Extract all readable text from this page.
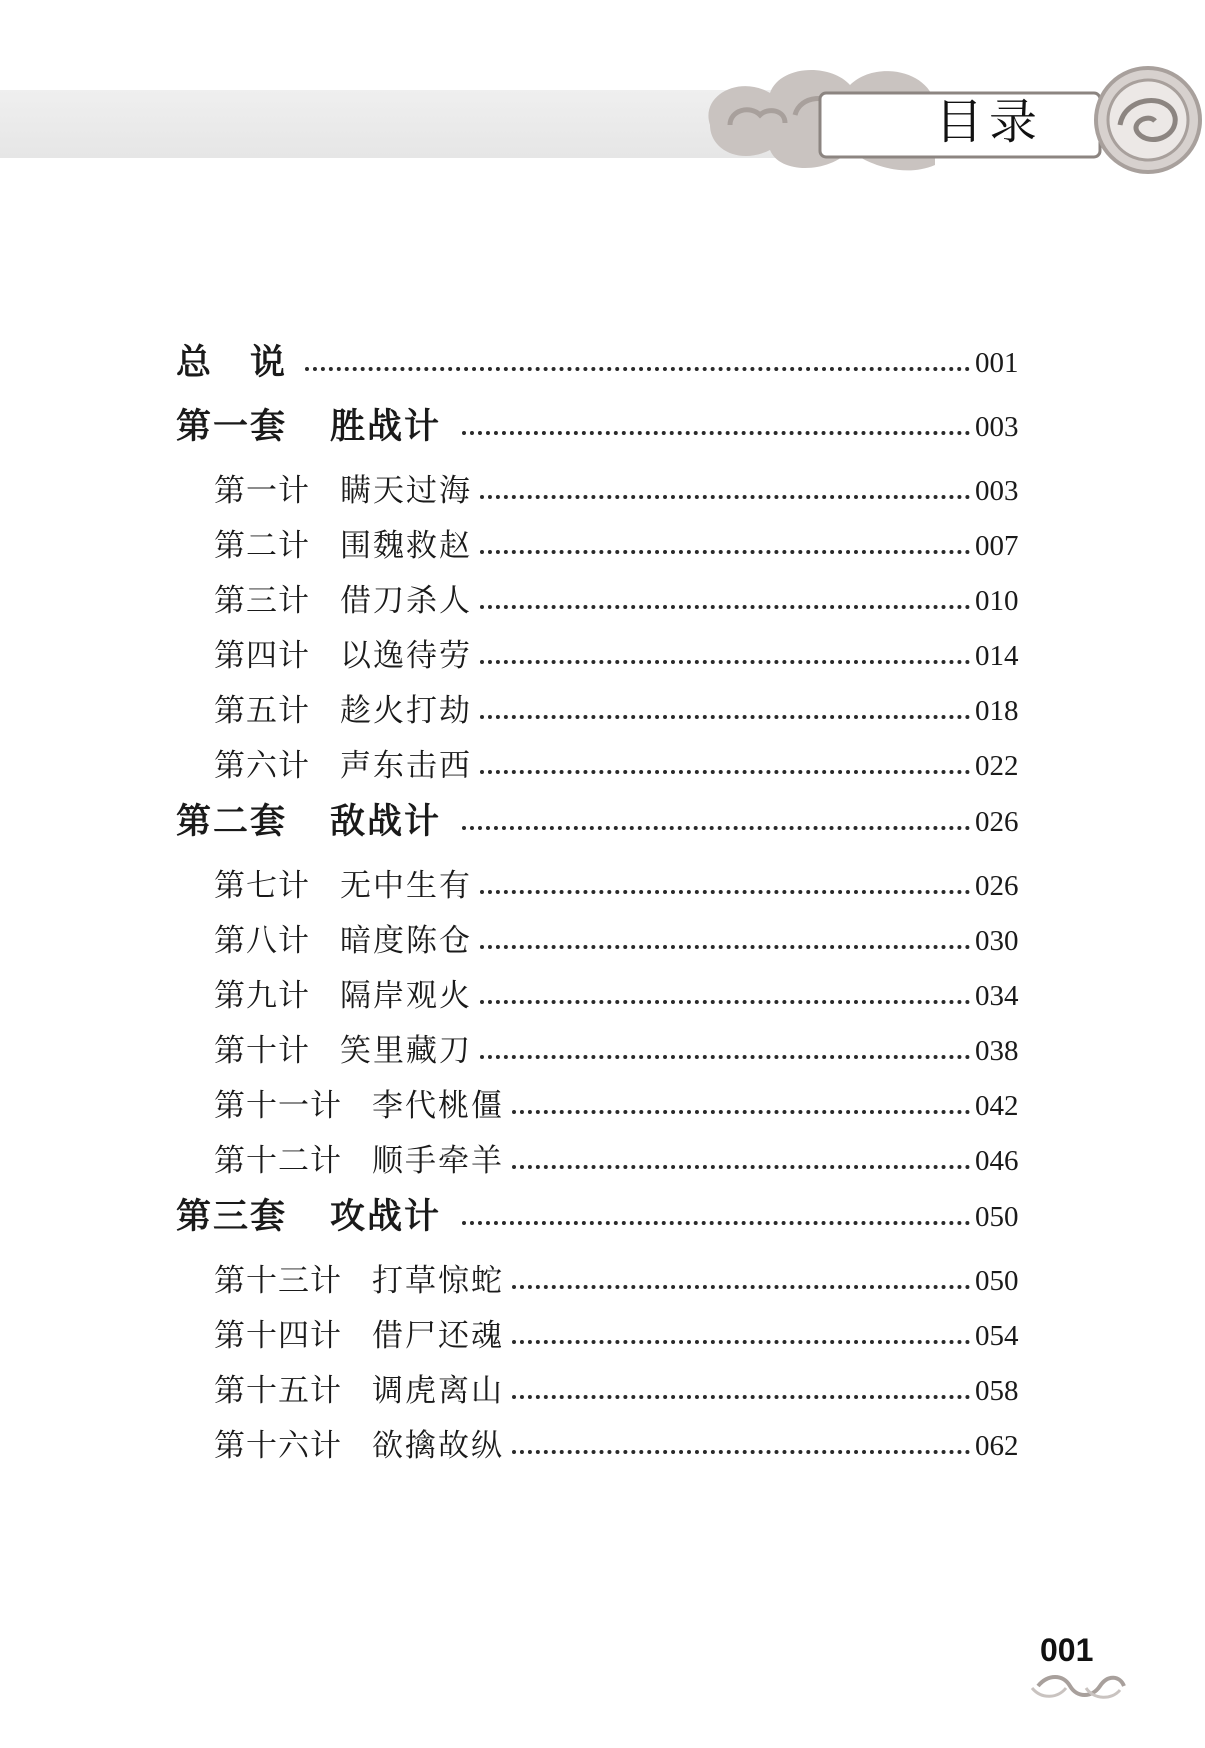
目录
总　说	001
第一套 胜战计	003
第一计 瞒天过海	003
第二计 围魏救赵	007
第三计 借刀杀人	010
第四计 以逸待劳	014
第五计 趁火打劫	018
第六计 声东击西	022
第二套 敌战计	026
第七计 无中生有	026
第八计 暗度陈仓	030
第九计 隔岸观火	034
第十计 笑里藏刀	038
第十一计 李代桃僵	042
第十二计 顺手牵羊	046
第三套 攻战计	050
第十三计 打草惊蛇	050
第十四计 借尸还魂	054
第十五计 调虎离山	058
第十六计 欲擒故纵	062
001
